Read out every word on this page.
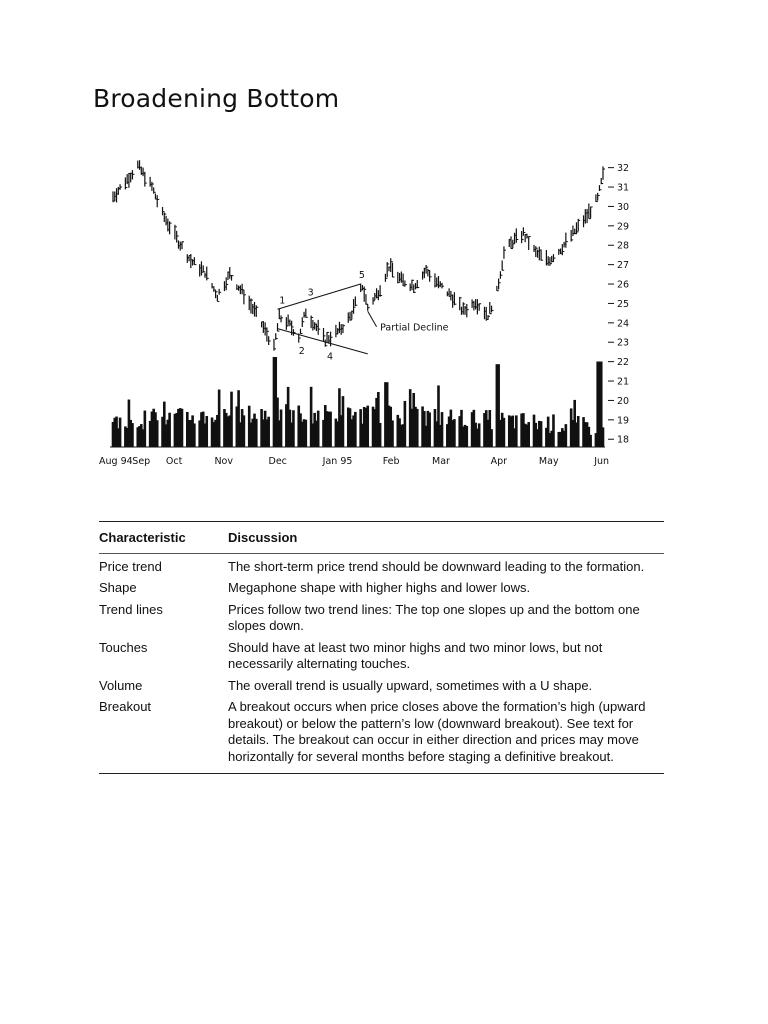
Broadening Bottom
32
31
30
29
28
27
26
25
24
23
22
21
20
19
18
Aug 94 Sep Oct	Nov	Dec	Jan 95	Feb	Mar	Apr	May	Jun
1
2
3
4
5
Partial Decline
Characteristic	Discussion
Price trend	The short-term price trend should be downward leading to the formation.
Shape	Megaphone shape with higher highs and lower lows.
Trend lines	Prices follow two trend lines: The top one slopes up and the bottom one slopes down.
Touches	Should have at least two minor highs and two minor lows, but not necessarily alternating touches.
Volume	The overall trend is usually upward, sometimes with a U shape.
Breakout	A breakout occurs when price closes above the formation’s high (upward breakout) or below the pattern’s low (downward breakout). See text for details. The breakout can occur in either direction and prices may move horizontally for several months before staging a definitive breakout.
